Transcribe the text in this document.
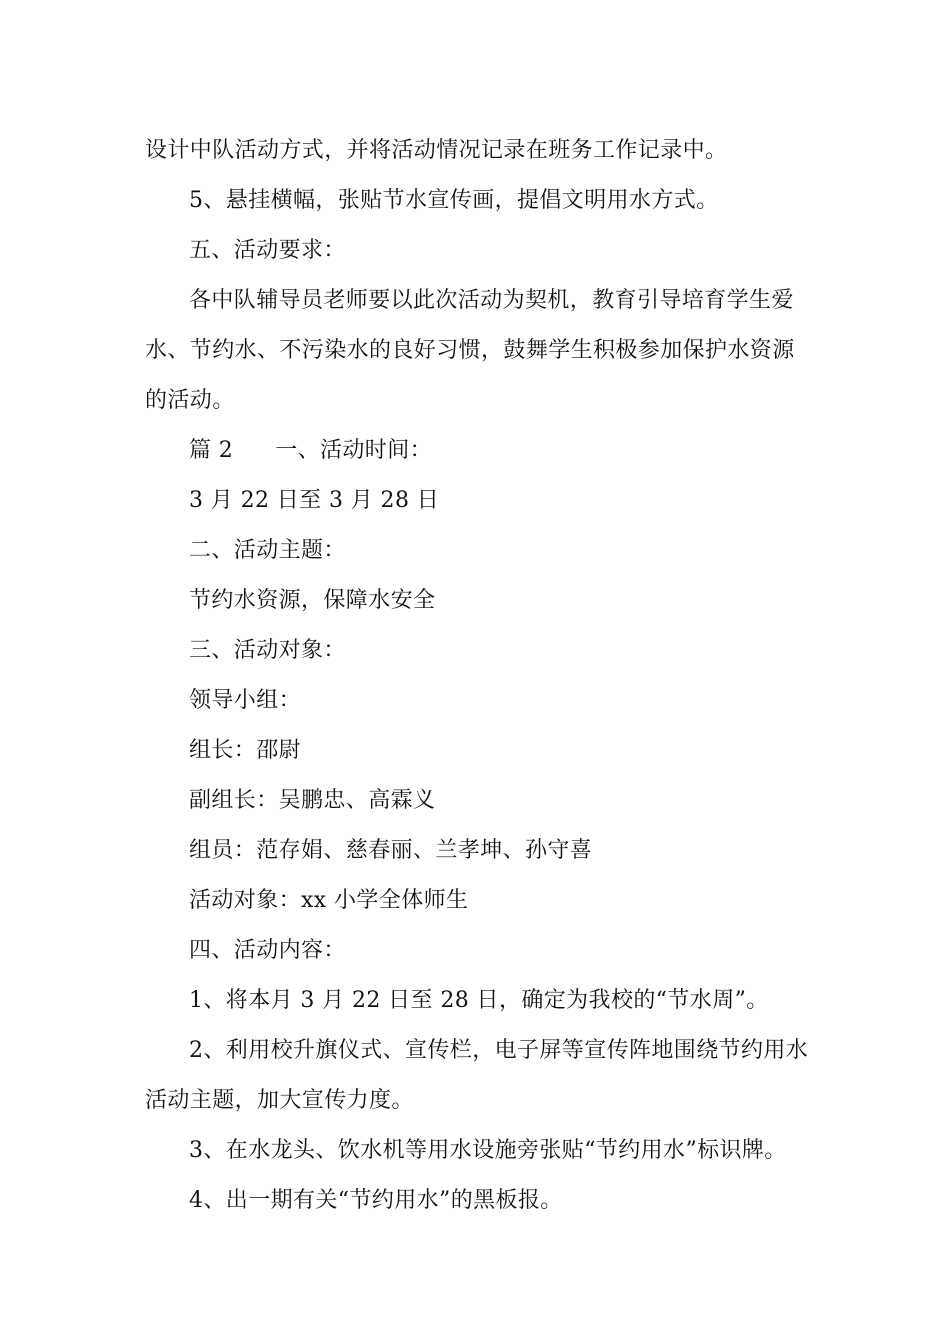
设计中队活动方式，并将活动情况记录在班务工作记录中。
5、悬挂横幅，张贴节水宣传画，提倡文明用水方式。
五、活动要求：
各中队辅导员老师要以此次活动为契机，教育引导培育学生爱
水、节约水、不污染水的良好习惯，鼓舞学生积极参加保护水资源
的活动。
篇 2 一、活动时间：
3 月 22 日至 3 月 28 日
二、活动主题：
节约水资源，保障水安全
三、活动对象：
领导小组：
组长：邵尉
副组长：吴鹏忠、高霖义
组员：范存娟、慈春丽、兰孝坤、孙守喜
活动对象：xx 小学全体师生
四、活动内容：
1、将本月 3 月 22 日至 28 日，确定为我校的“节水周”。
2、利用校升旗仪式、宣传栏，电子屏等宣传阵地围绕节约用水
活动主题，加大宣传力度。
3、在水龙头、饮水机等用水设施旁张贴“节约用水”标识牌。
4、出一期有关“节约用水”的黑板报。
